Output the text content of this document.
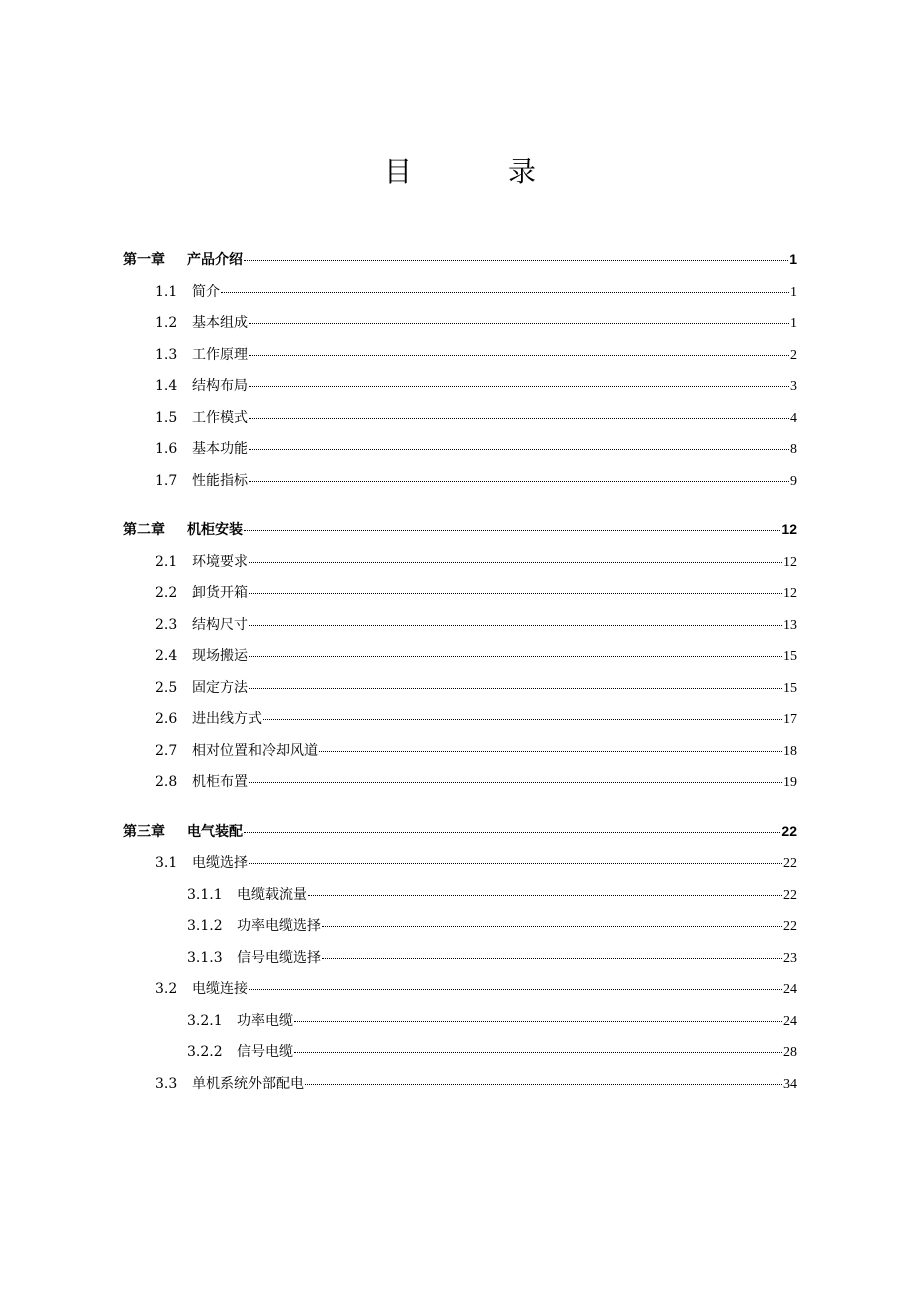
目　录
第一章	产品介绍	1
1.1	简介	1
1.2	基本组成	1
1.3	工作原理	2
1.4	结构布局	3
1.5	工作模式	4
1.6	基本功能	8
1.7	性能指标	9
第二章	机柜安装	12
2.1	环境要求	12
2.2	卸货开箱	12
2.3	结构尺寸	13
2.4	现场搬运	15
2.5	固定方法	15
2.6	进出线方式	17
2.7	相对位置和冷却风道	18
2.8	机柜布置	19
第三章	电气装配	22
3.1	电缆选择	22
3.1.1	电缆载流量	22
3.1.2	功率电缆选择	22
3.1.3	信号电缆选择	23
3.2	电缆连接	24
3.2.1	功率电缆	24
3.2.2	信号电缆	28
3.3	单机系统外部配电	34
